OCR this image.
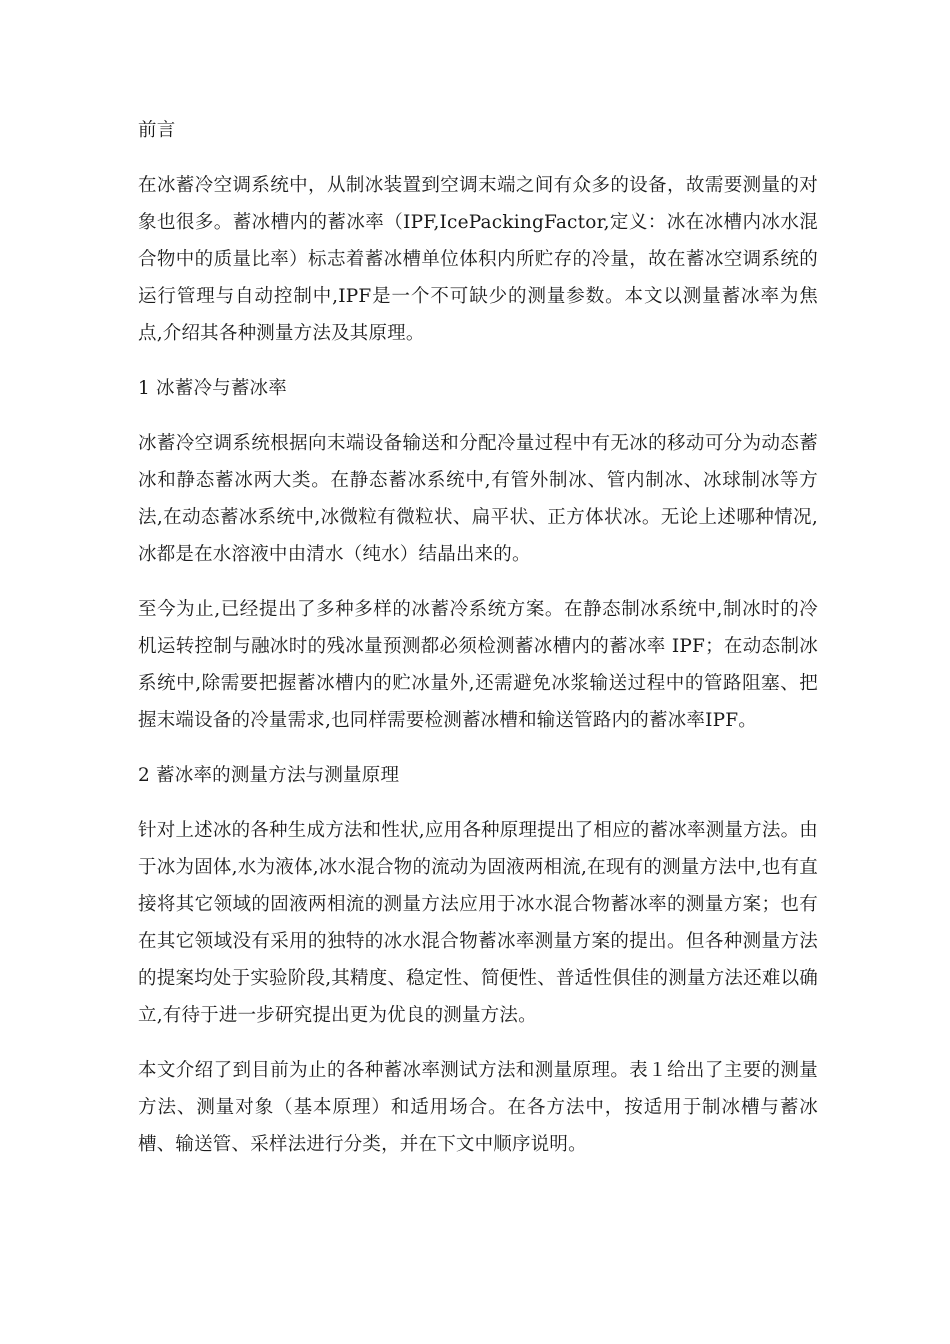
前言
在冰蓄冷空调系统中，从制冰装置到空调末端之间有众多的设备，故需要测量的对象也很多。蓄冰槽内的蓄冰率（IPF,IcePackingFactor,定义：冰在冰槽内冰水混合物中的质量比率）标志着蓄冰槽单位体积内所贮存的冷量，故在蓄冰空调系统的运行管理与自动控制中,IPF是一个不可缺少的测量参数。本文以测量蓄冰率为焦点,介绍其各种测量方法及其原理。
1 冰蓄冷与蓄冰率
冰蓄冷空调系统根据向末端设备输送和分配冷量过程中有无冰的移动可分为动态蓄冰和静态蓄冰两大类。在静态蓄冰系统中,有管外制冰、管内制冰、冰球制冰等方法,在动态蓄冰系统中,冰微粒有微粒状、扁平状、正方体状冰。无论上述哪种情况,冰都是在水溶液中由清水（纯水）结晶出来的。
至今为止,已经提出了多种多样的冰蓄冷系统方案。在静态制冰系统中,制冰时的冷机运转控制与融冰时的残冰量预测都必须检测蓄冰槽内的蓄冰率 IPF；在动态制冰系统中,除需要把握蓄冰槽内的贮冰量外,还需避免冰浆输送过程中的管路阻塞、把握末端设备的冷量需求,也同样需要检测蓄冰槽和输送管路内的蓄冰率IPF。
2 蓄冰率的测量方法与测量原理
针对上述冰的各种生成方法和性状,应用各种原理提出了相应的蓄冰率测量方法。由于冰为固体,水为液体,冰水混合物的流动为固液两相流,在现有的测量方法中,也有直接将其它领域的固液两相流的测量方法应用于冰水混合物蓄冰率的测量方案；也有在其它领域没有采用的独特的冰水混合物蓄冰率测量方案的提出。但各种测量方法的提案均处于实验阶段,其精度、稳定性、简便性、普适性俱佳的测量方法还难以确立,有待于进一步研究提出更为优良的测量方法。
本文介绍了到目前为止的各种蓄冰率测试方法和测量原理。表１给出了主要的测量方法、测量对象（基本原理）和适用场合。在各方法中，按适用于制冰槽与蓄冰槽、输送管、采样法进行分类，并在下文中顺序说明。
